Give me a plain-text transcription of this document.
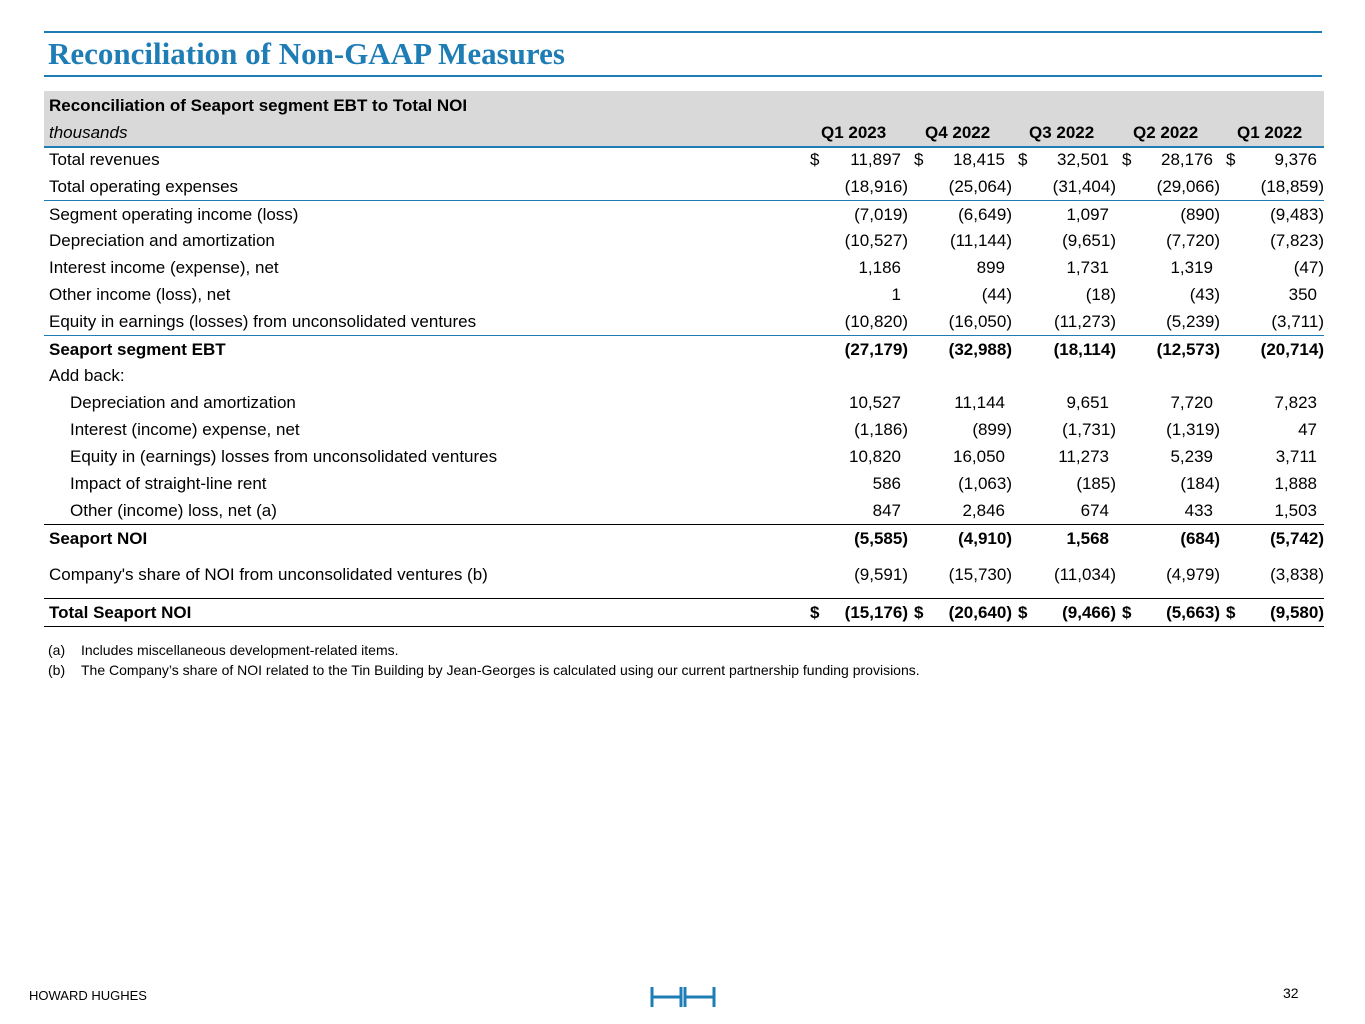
Reconciliation of Non-GAAP Measures
Reconciliation of Seaport segment EBT to Total NOI
thousands	Q1 2023 Q4 2022 Q3 2022 Q2 2022 Q1 2022
Total revenues	$ 11,897 $ 18,415 $ 32,501 $ 28,176 $ 9,376
Total operating expenses	(18,916) (25,064) (31,404) (29,066) (18,859)
Segment operating income (loss)	(7,019)	(6,649)	1,097	(890)	(9,483)
Depreciation and amortization	(10,527) (11,144)	(9,651)	(7,720)	(7,823)
Interest income (expense), net	1,186	899	1,731	1,319	(47)
Other income (loss), net	1	(44)	(18)	(43)	350
Equity in earnings (losses) from unconsolidated ventures	(10,820) (16,050) (11,273)	(5,239)	(3,711)
Seaport segment EBT	(27,179) (32,988) (18,114) (12,573) (20,714)
Add back:
Depreciation and amortization	10,527	11,144	9,651	7,720	7,823
Interest (income) expense, net	(1,186)	(899)	(1,731)	(1,319)	47
Equity in (earnings) losses from unconsolidated ventures	10,820	16,050	11,273	5,239	3,711
Impact of straight-line rent	586	(1,063)	(185)	(184)	1,888
Other (income) loss, net (a)	847	2,846	674	433	1,503
Seaport NOI	(5,585)	(4,910)	1,568	(684)	(5,742)
Company's share of NOI from unconsolidated ventures (b)	(9,591) (15,730) (11,034)	(4,979)	(3,838)
Total Seaport NOI	$ (15,176) $ (20,640) $ (9,466) $ (5,663) $ (9,580)
(a) Includes miscellaneous development-related items.
(b) The Company’s share of NOI related to the Tin Building by Jean-Georges is calculated using our current partnership funding provisions.
HOWARD HUGHES	32
